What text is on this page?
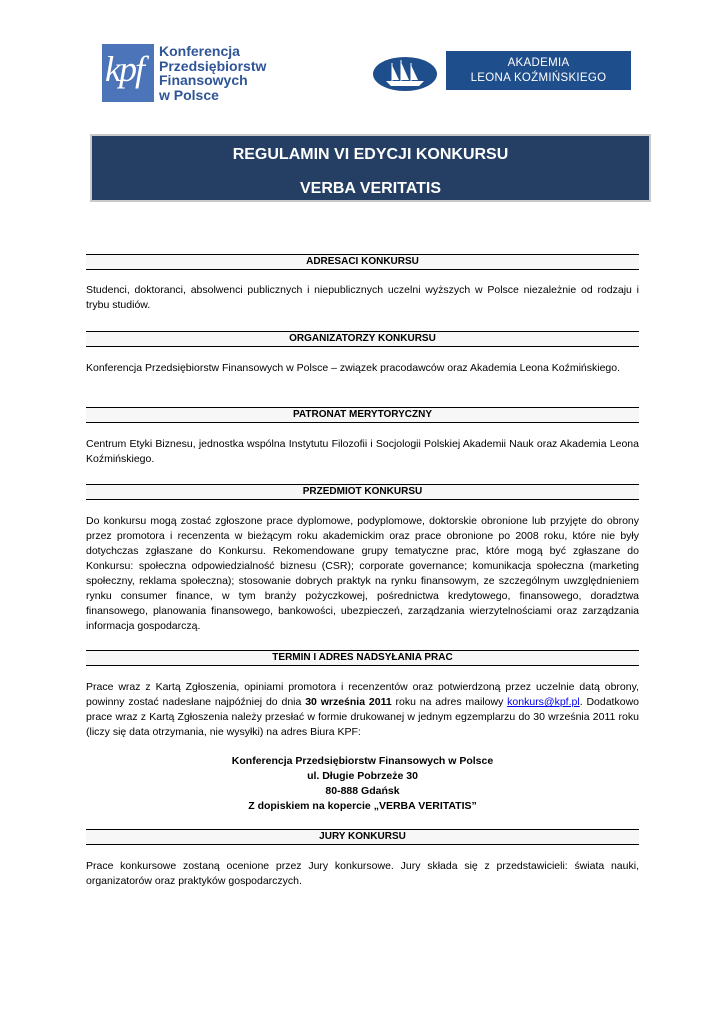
kpf Konferencja
Przedsiębiorstw
Finansowych
w Polsce
AKADEMIA
LEONA KOŹMIŃSKIEGO
REGULAMIN VI EDYCJI KONKURSU
VERBA VERITATIS
ADRESACI KONKURSU
Studenci, doktoranci, absolwenci publicznych i niepublicznych uczelni wyższych w Polsce niezależnie od rodzaju i trybu studiów.
ORGANIZATORZY KONKURSU
Konferencja Przedsiębiorstw Finansowych w Polsce – związek pracodawców oraz Akademia Leona Koźmińskiego.
PATRONAT MERYTORYCZNY
Centrum Etyki Biznesu, jednostka wspólna Instytutu Filozofii i Socjologii Polskiej Akademii Nauk oraz Akademia Leona Koźmińskiego.
PRZEDMIOT KONKURSU
Do konkursu mogą zostać zgłoszone prace dyplomowe, podyplomowe, doktorskie obronione lub przyjęte do obrony przez promotora i recenzenta w bieżącym roku akademickim oraz prace obronione po 2008 roku, które nie były dotychczas zgłaszane do Konkursu. Rekomendowane grupy tematyczne prac, które mogą być zgłaszane do Konkursu: społeczna odpowiedzialność biznesu (CSR); corporate governance; komunikacja społeczna (marketing społeczny, reklama społeczna); stosowanie dobrych praktyk na rynku finansowym, ze szczególnym uwzględnieniem rynku consumer finance, w tym branży pożyczkowej, pośrednictwa kredytowego, finansowego, doradztwa finansowego, planowania finansowego, bankowości, ubezpieczeń, zarządzania wierzytelnościami oraz zarządzania informacja gospodarczą.
TERMIN I ADRES NADSYŁANIA PRAC
Prace wraz z Kartą Zgłoszenia, opiniami promotora i recenzentów oraz potwierdzoną przez uczelnie datą obrony, powinny zostać nadesłane najpóźniej do dnia 30 września 2011 roku na adres mailowy konkurs@kpf.pl. Dodatkowo prace wraz z Kartą Zgłoszenia należy przesłać w formie drukowanej w jednym egzemplarzu do 30 września 2011 roku (liczy się data otrzymania, nie wysyłki) na adres Biura KPF:
Konferencja Przedsiębiorstw Finansowych w Polsce
ul. Długie Pobrzeże 30
80-888 Gdańsk
Z dopiskiem na kopercie „VERBA VERITATIS”
JURY KONKURSU
Prace konkursowe zostaną ocenione przez Jury konkursowe. Jury składa się z przedstawicieli: świata nauki, organizatorów oraz praktyków gospodarczych.
